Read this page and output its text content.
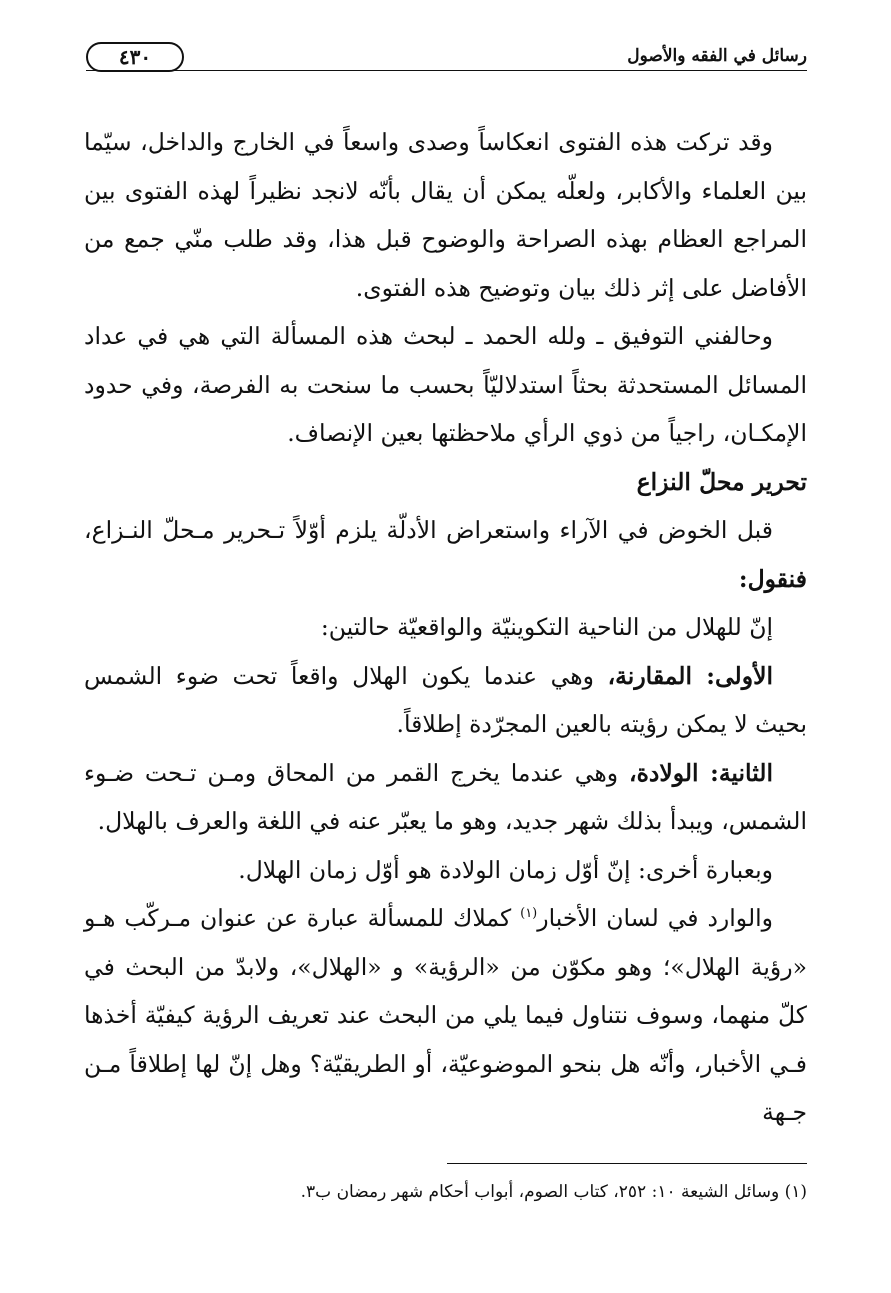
رسائل في الفقه والأصول
٤٣٠

وقد تركت هذه الفتوى انعكاساً وصدى واسعاً في الخارج والداخل، سيّما بين العلماء والأكابر، ولعلّه يمكن أن يقال بأنّه لانجد نظيراً لهذه الفتوى بين المراجع العظام بهذه الصراحة والوضوح قبل هذا، وقد طلب منّي جمع من الأفاضل على إثر ذلك بيان وتوضيح هذه الفتوى.

وحالفني التوفيق ـ ولله الحمد ـ لبحث هذه المسألة التي هي في عداد المسائل المستحدثة بحثاً استدلاليّاً بحسب ما سنحت به الفرصة، وفي حدود الإمكـان، راجياً من ذوي الرأي ملاحظتها بعين الإنصاف.

تحرير محلّ النزاع

قبل الخوض في الآراء واستعراض الأدلّة يلزم أوّلاً تـحرير مـحلّ النـزاع، فنقول:

إنّ للهلال من الناحية التكوينيّة والواقعيّة حالتين:

الأولى: المقارنة، وهي عندما يكون الهلال واقعاً تحت ضوء الشمس بحيث لا يمكن رؤيته بالعين المجرّدة إطلاقاً.

الثانية: الولادة، وهي عندما يخرج القمر من المحاق ومـن تـحت ضـوء الشمس، ويبدأ بذلك شهر جديد، وهو ما يعبّر عنه في اللغة والعرف بالهلال.

وبعبارة أخرى: إنّ أوّل زمان الولادة هو أوّل زمان الهلال.

والوارد في لسان الأخبار$^{(١)}$ كملاك للمسألة عبارة عن عنوان مـركّب هـو «رؤية الهلال»؛ وهو مكوّن من «الرؤية» و «الهلال»، ولابدّ من البحث في كلّ منهما، وسوف نتناول فيما يلي من البحث عند تعريف الرؤية كيفيّة أخذها فـي الأخبار، وأنّه هل بنحو الموضوعيّة، أو الطريقيّة؟ وهل إنّ لها إطلاقاً مـن جـهة

(١) وسائل الشيعة ١٠: ٢٥٢، كتاب الصوم، أبواب أحكام شهر رمضان ب٣.
